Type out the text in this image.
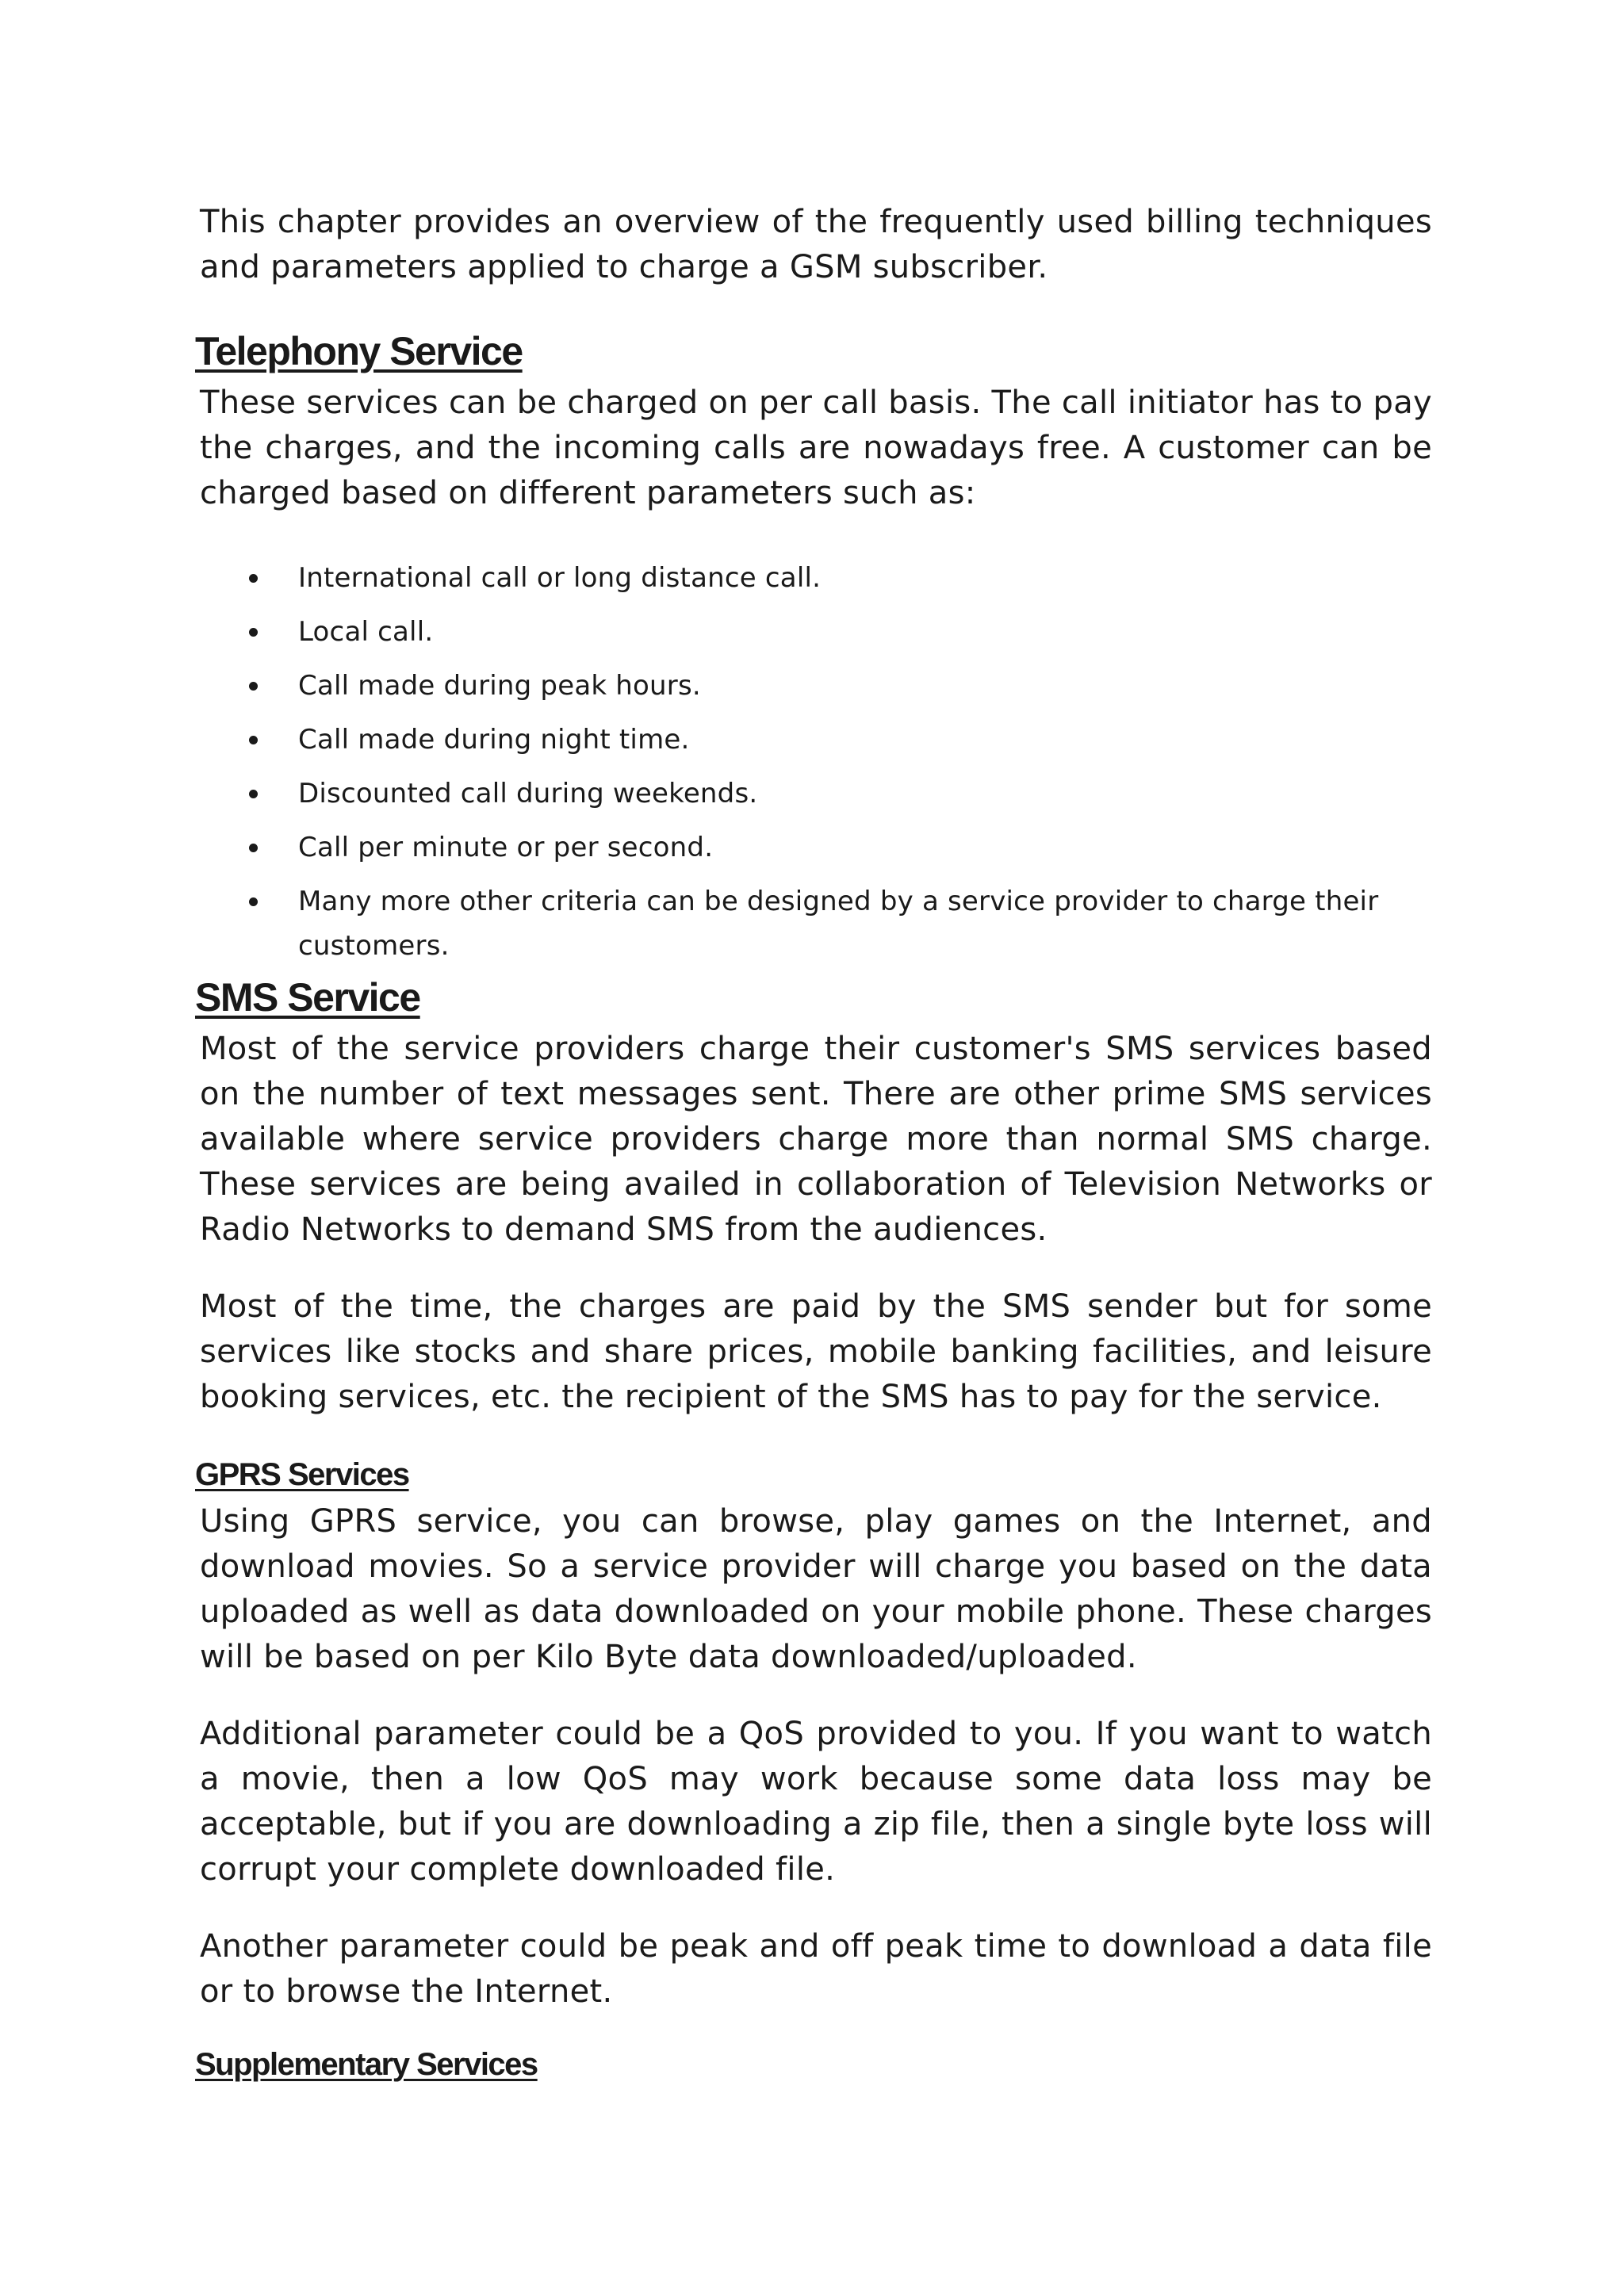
This chapter provides an overview of the frequently used billing techniques and parameters applied to charge a GSM subscriber.

Telephony Service

These services can be charged on per call basis. The call initiator has to pay the charges, and the incoming calls are nowadays free. A customer can be charged based on different parameters such as:

International call or long distance call.
Local call.
Call made during peak hours.
Call made during night time.
Discounted call during weekends.
Call per minute or per second.
Many more other criteria can be designed by a service provider to charge their customers.
SMS Service

Most of the service providers charge their customer's SMS services based on the number of text messages sent. There are other prime SMS services available where service providers charge more than normal SMS charge. These services are being availed in collaboration of Television Networks or Radio Networks to demand SMS from the audiences.

Most of the time, the charges are paid by the SMS sender but for some services like stocks and share prices, mobile banking facilities, and leisure booking services, etc. the recipient of the SMS has to pay for the service.

GPRS Services

Using GPRS service, you can browse, play games on the Internet, and download movies. So a service provider will charge you based on the data uploaded as well as data downloaded on your mobile phone. These charges will be based on per Kilo Byte data downloaded/uploaded.

Additional parameter could be a QoS provided to you. If you want to watch a movie, then a low QoS may work because some data loss may be acceptable, but if you are downloading a zip file, then a single byte loss will corrupt your complete downloaded file.

Another parameter could be peak and off peak time to download a data file or to browse the Internet.

Supplementary Services
